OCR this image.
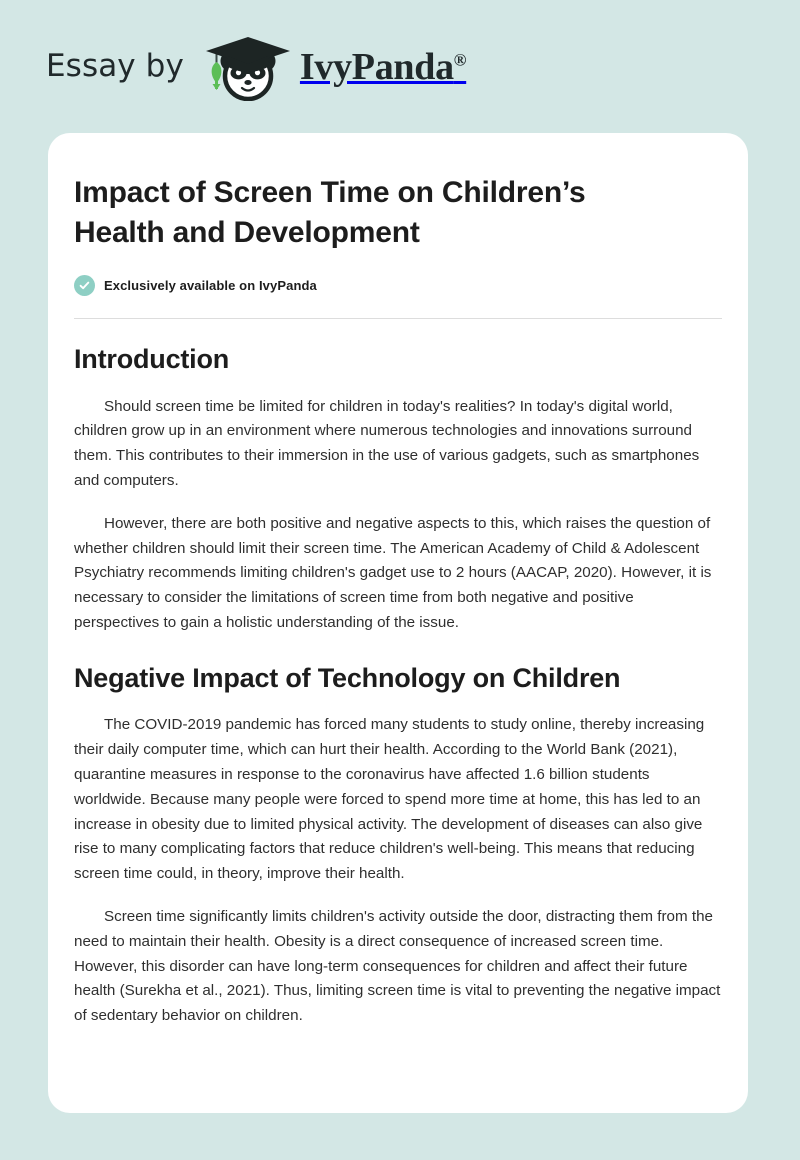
Essay by	IvyPanda®
Impact of Screen Time on Children’s Health and Development
Exclusively available on IvyPanda
Introduction

Should screen time be limited for children in today's realities? In today's digital world, children grow up in an environment where numerous technologies and innovations surround them. This contributes to their immersion in the use of various gadgets, such as smartphones and computers.

However, there are both positive and negative aspects to this, which raises the question of whether children should limit their screen time. The American Academy of Child & Adolescent Psychiatry recommends limiting children's gadget use to 2 hours (AACAP, 2020). However, it is necessary to consider the limitations of screen time from both negative and positive perspectives to gain a holistic understanding of the issue.

Negative Impact of Technology on Children

The COVID-2019 pandemic has forced many students to study online, thereby increasing their daily computer time, which can hurt their health. According to the World Bank (2021), quarantine measures in response to the coronavirus have affected 1.6 billion students worldwide. Because many people were forced to spend more time at home, this has led to an increase in obesity due to limited physical activity. The development of diseases can also give rise to many complicating factors that reduce children's well-being. This means that reducing screen time could, in theory, improve their health.

Screen time significantly limits children's activity outside the door, distracting them from the need to maintain their health. Obesity is a direct consequence of increased screen time. However, this disorder can have long-term consequences for children and affect their future health (Surekha et al., 2021). Thus, limiting screen time is vital to preventing the negative impact of sedentary behavior on children.
